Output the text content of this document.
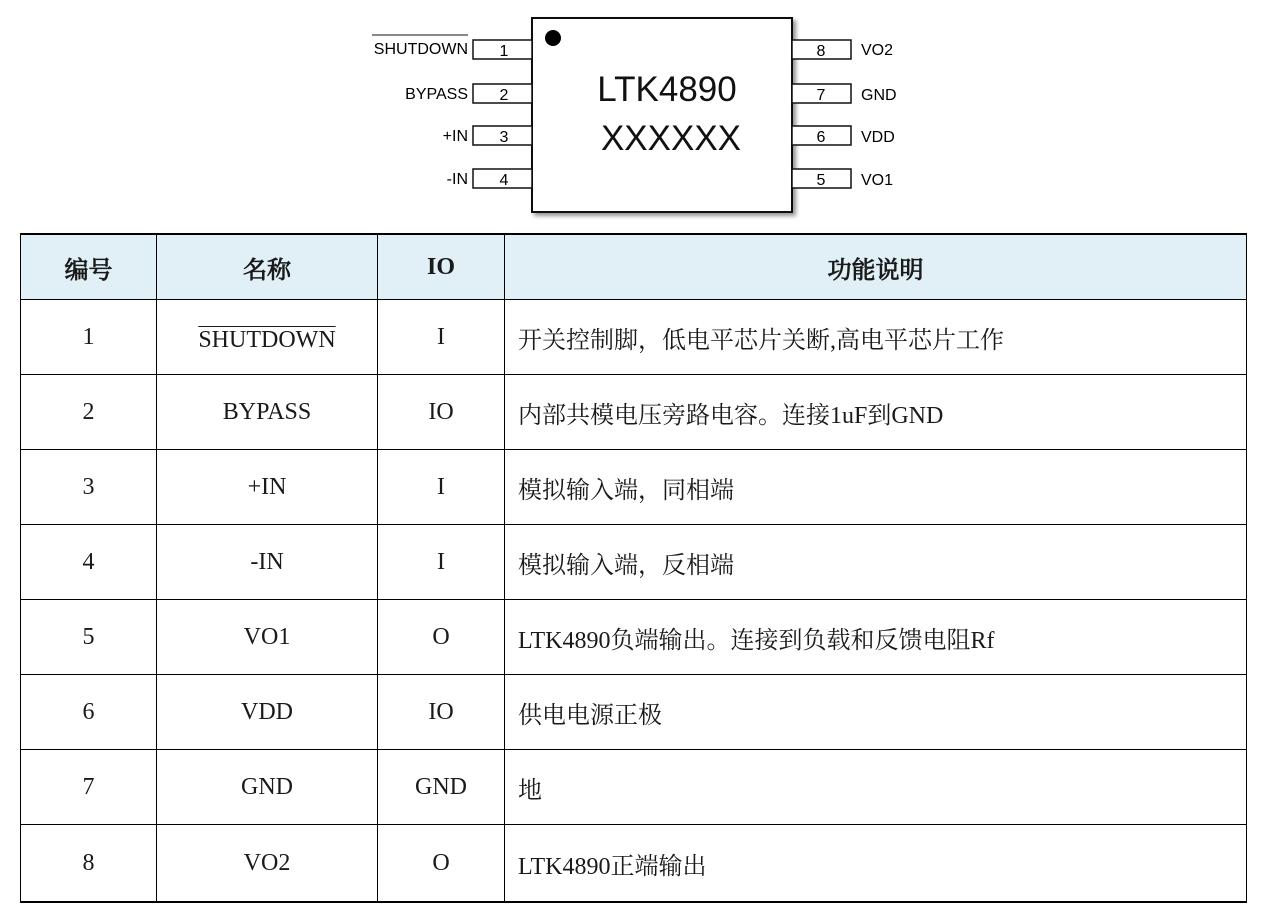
LTK4890
XXXXXX
1
SHUTDOWN
2
BYPASS
3
+IN
4
-IN
8 VO2
7 GND
6 VDD
5 VO1
编号	名称	IO	功能说明
1	SHUTDOWN	I	开关控制脚，低电平芯片关断,高电平芯片工作
2	BYPASS	IO	内部共模电压旁路电容。连接1uF到GND
3	+IN	I	模拟输入端，同相端
4	-IN	I	模拟输入端，反相端
5	VO1	O	LTK4890负端输出。连接到负载和反馈电阻Rf
6	VDD	IO	供电电源正极
7	GND	GND	地
8	VO2	O	LTK4890正端输出
